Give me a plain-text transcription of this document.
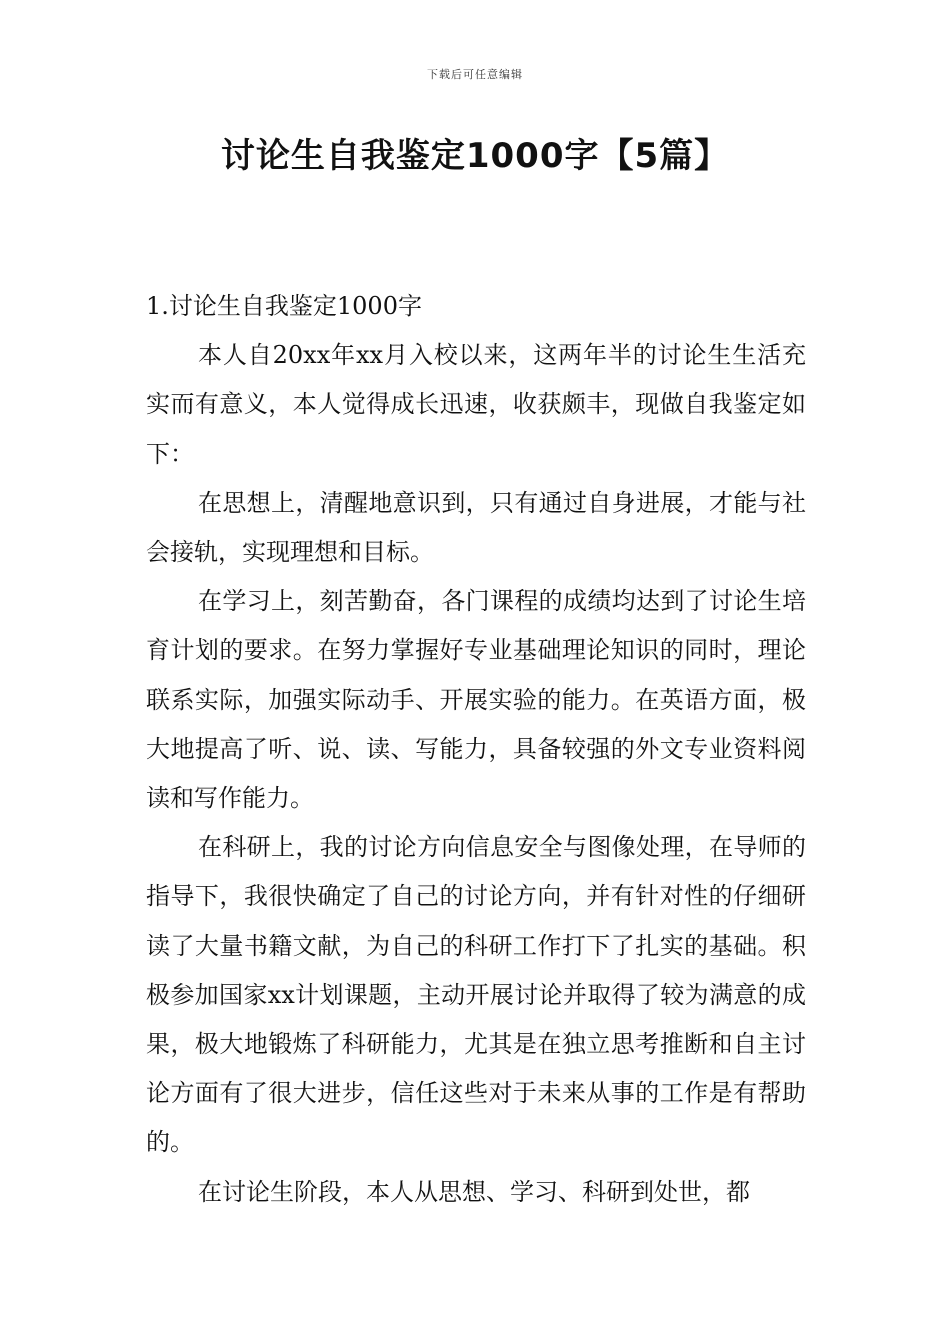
下载后可任意编辑
讨论生自我鉴定1000字【5篇】

1.讨论生自我鉴定1000字

本人自20xx年xx月入校以来，这两年半的讨论生生活充实而有意义，本人觉得成长迅速，收获颇丰，现做自我鉴定如下：

在思想上，清醒地意识到，只有通过自身进展，才能与社会接轨，实现理想和目标。

在学习上，刻苦勤奋，各门课程的成绩均达到了讨论生培育计划的要求。在努力掌握好专业基础理论知识的同时，理论联系实际，加强实际动手、开展实验的能力。在英语方面，极大地提高了听、说、读、写能力，具备较强的外文专业资料阅读和写作能力。

在科研上，我的讨论方向信息安全与图像处理，在导师的指导下，我很快确定了自己的讨论方向，并有针对性的仔细研读了大量书籍文献，为自己的科研工作打下了扎实的基础。积极参加国家xx计划课题，主动开展讨论并取得了较为满意的成果，极大地锻炼了科研能力，尤其是在独立思考推断和自主讨论方面有了很大进步，信任这些对于未来从事的工作是有帮助的。

在讨论生阶段，本人从思想、学习、科研到处世，都
